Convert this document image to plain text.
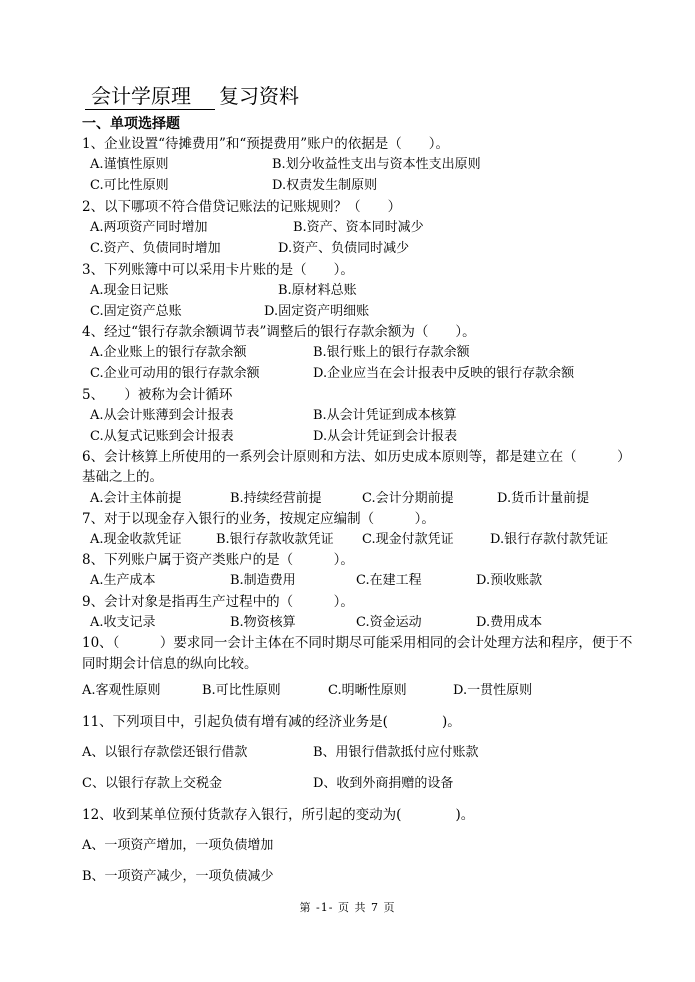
会计学原理 复习资料
一、单项选择题
1、企业设置“待摊费用”和“预提费用”账户的依据是（　　）。
A.谨慎性原则	B.划分收益性支出与资本性支出原则
C.可比性原则	D.权责发生制原则
2、以下哪项不符合借贷记账法的记账规则？（　　）
A.两项资产同时增加	B.资产、资本同时减少
C.资产、负债同时增加	D.资产、负债同时减少
3、下列账簿中可以采用卡片账的是（　　）。
A.现金日记账	B.原材料总账
C.固定资产总账	D.固定资产明细账
4、经过“银行存款余额调节表”调整后的银行存款余额为（　　）。
A.企业账上的银行存款余额	B.银行账上的银行存款余额
C.企业可动用的银行存款余额	D.企业应当在会计报表中反映的银行存款余额
5、　　）被称为会计循环
A.从会计账薄到会计报表	B.从会计凭证到成本核算
C.从复式记账到会计报表	D.从会计凭证到会计报表
6、会计核算上所使用的一系列会计原则和方法、如历史成本原则等，都是建立在（　　　）
基础之上的。
A.会计主体前提	B.持续经营前提	C.会计分期前提	D.货币计量前提
7、对于以现金存入银行的业务，按规定应编制（　　　）。
A.现金收款凭证	B.银行存款收款凭证 C.现金付款凭证	D.银行存款付款凭证
8、下列账户属于资产类账户的是（　　　）。
A.生产成本	B.制造费用	C.在建工程	D.预收账款
9、会计对象是指再生产过程中的（　　　）。
A.收支记录	B.物资核算	C.资金运动	D.费用成本
10、（　　　）要求同一会计主体在不同时期尽可能采用相同的会计处理方法和程序，便于不
同时期会计信息的纵向比较。
A.客观性原则	B.可比性原则	C.明晰性原则	D.一贯性原则
11、下列项目中，引起负债有增有减的经济业务是(　　　　)。
A、以银行存款偿还银行借款	B、用银行借款抵付应付账款
C、以银行存款上交税金	D、收到外商捐赠的设备
12、收到某单位预付货款存入银行，所引起的变动为(　　　　)。
A、一项资产增加，一项负债增加
B、一项资产减少，一项负债减少
第 -1- 页 共 7 页
